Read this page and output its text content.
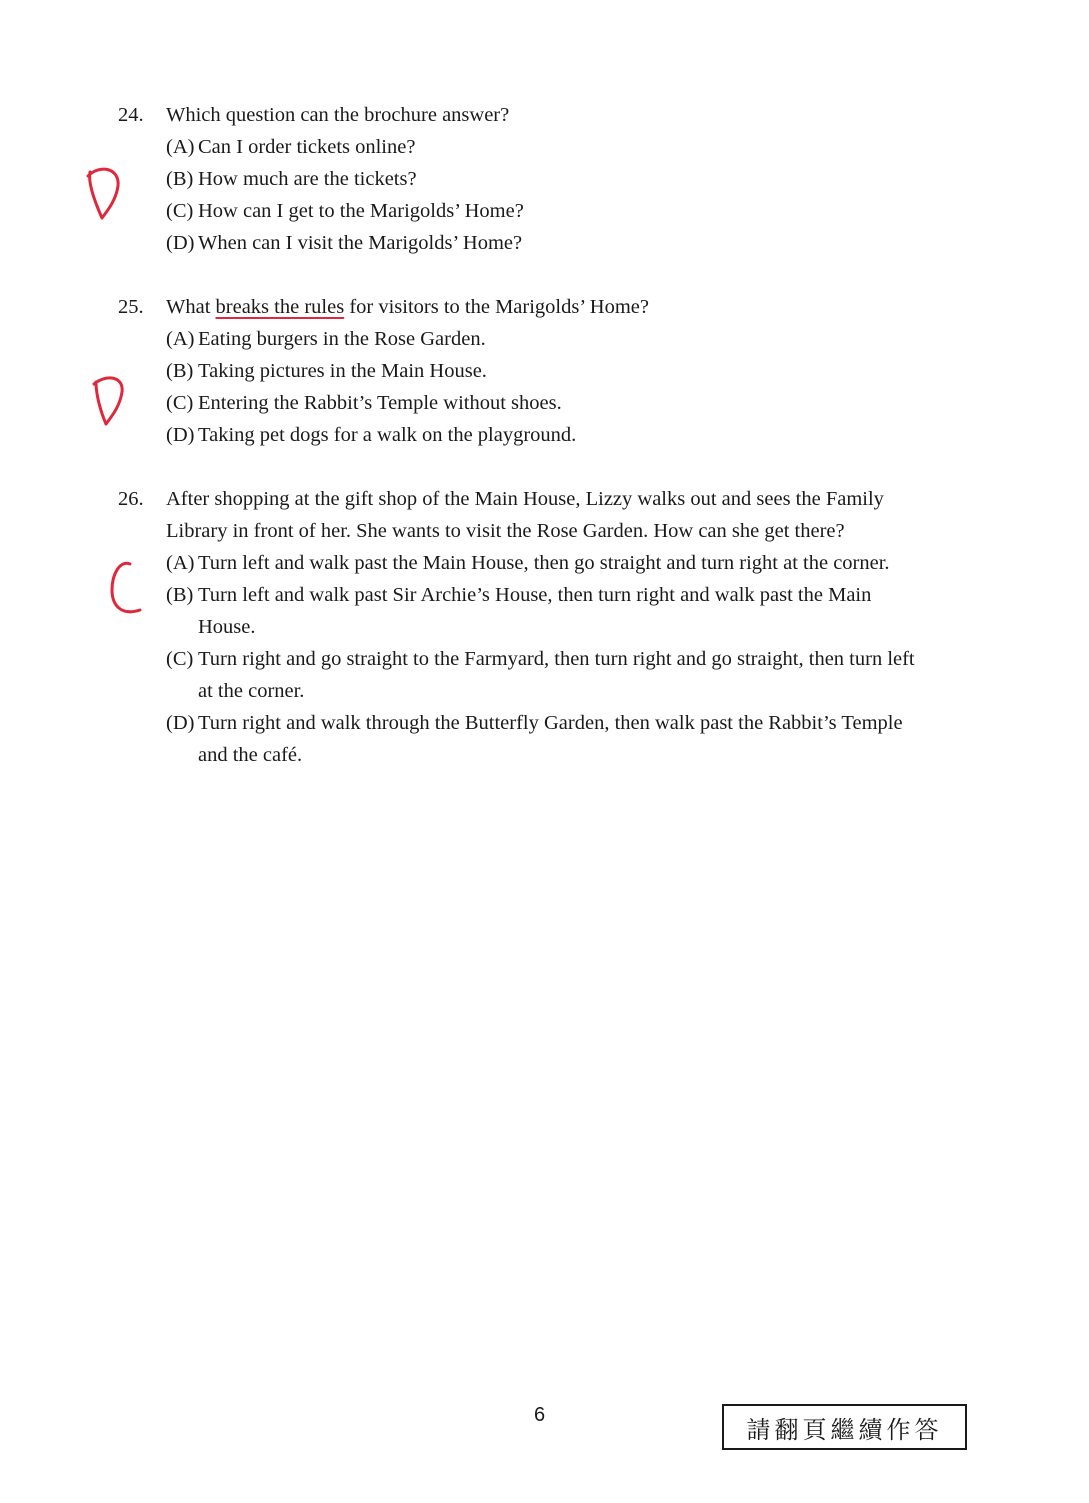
24. Which question can the brochure answer?
(A) Can I order tickets online?
(B) How much are the tickets?
(C) How can I get to the Marigolds’ Home?
(D) When can I visit the Marigolds’ Home?
25. What breaks the rules for visitors to the Marigolds’ Home?
(A) Eating burgers in the Rose Garden.
(B) Taking pictures in the Main House.
(C) Entering the Rabbit’s Temple without shoes.
(D) Taking pet dogs for a walk on the playground.
26. After shopping at the gift shop of the Main House, Lizzy walks out and sees the Family
Library in front of her. She wants to visit the Rose Garden. How can she get there?
(A) Turn left and walk past the Main House, then go straight and turn right at the corner.
(B) Turn left and walk past Sir Archie’s House, then turn right and walk past the Main
House.
(C) Turn right and go straight to the Farmyard, then turn right and go straight, then turn left
at the corner.
(D) Turn right and walk through the Butterfly Garden, then walk past the Rabbit’s Temple
and the café.
6
請翻頁繼續作答
